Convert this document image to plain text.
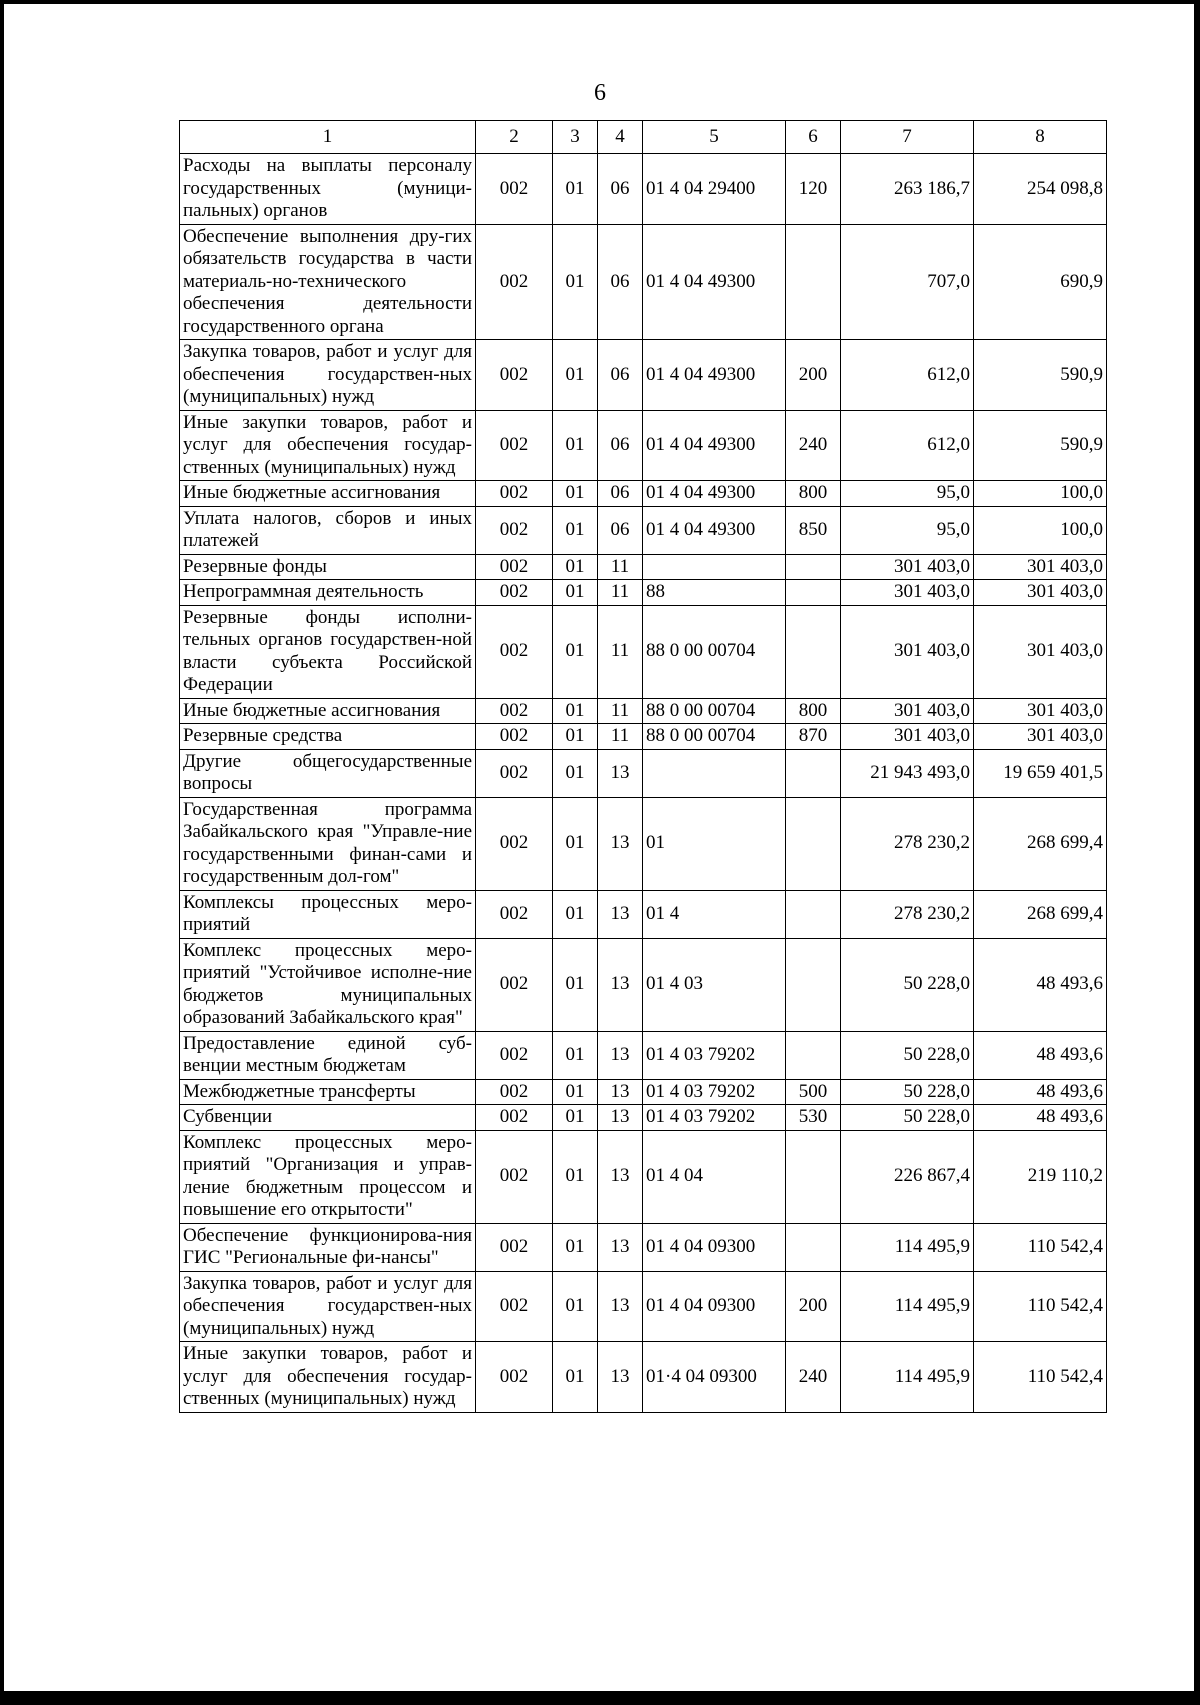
6
1	2	3	4	5	6	7	8
Расходы на выплаты персоналу государственных (муници-пальных) органов	002	01	06	01 4 04 29400	120	263 186,7	254 098,8
Обеспечение выполнения дру-гих обязательств государства в части материаль-но-технического обеспечения деятельности государственного органа	002	01	06	01 4 04 49300		707,0	690,9
Закупка товаров, работ и услуг для обеспечения государствен-ных (муниципальных) нужд	002	01	06	01 4 04 49300	200	612,0	590,9
Иные закупки товаров, работ и услуг для обеспечения государ-ственных (муниципальных) нужд	002	01	06	01 4 04 49300	240	612,0	590,9
Иные бюджетные ассигнования	002	01	06	01 4 04 49300	800	95,0	100,0
Уплата налогов, сборов и иных платежей	002	01	06	01 4 04 49300	850	95,0	100,0
Резервные фонды	002	01	11			301 403,0	301 403,0
Непрограммная деятельность	002	01	11	88		301 403,0	301 403,0
Резервные фонды исполни-тельных органов государствен-ной власти субъекта Российской Федерации	002	01	11	88 0 00 00704		301 403,0	301 403,0
Иные бюджетные ассигнования	002	01	11	88 0 00 00704	800	301 403,0	301 403,0
Резервные средства	002	01	11	88 0 00 00704	870	301 403,0	301 403,0
Другие общегосударственные вопросы	002	01	13			21 943 493,0	19 659 401,5
Государственная программа Забайкальского края "Управле-ние государственными финан-сами и государственным дол-гом"	002	01	13	01		278 230,2	268 699,4
Комплексы процессных меро-приятий	002	01	13	01 4		278 230,2	268 699,4
Комплекс процессных меро-приятий "Устойчивое исполне-ние бюджетов муниципальных образований Забайкальского края"	002	01	13	01 4 03		50 228,0	48 493,6
Предоставление единой суб-венции местным бюджетам	002	01	13	01 4 03 79202		50 228,0	48 493,6
Межбюджетные трансферты	002	01	13	01 4 03 79202	500	50 228,0	48 493,6
Субвенции	002	01	13	01 4 03 79202	530	50 228,0	48 493,6
Комплекс процессных меро-приятий "Организация и управ-ление бюджетным процессом и повышение его открытости"	002	01	13	01 4 04		226 867,4	219 110,2
Обеспечение функционирова-ния ГИС "Региональные фи-нансы"	002	01	13	01 4 04 09300		114 495,9	110 542,4
Закупка товаров, работ и услуг для обеспечения государствен-ных (муниципальных) нужд	002	01	13	01 4 04 09300	200	114 495,9	110 542,4
Иные закупки товаров, работ и услуг для обеспечения государ-ственных (муниципальных) нужд	002	01	13	01·4 04 09300	240	114 495,9	110 542,4
